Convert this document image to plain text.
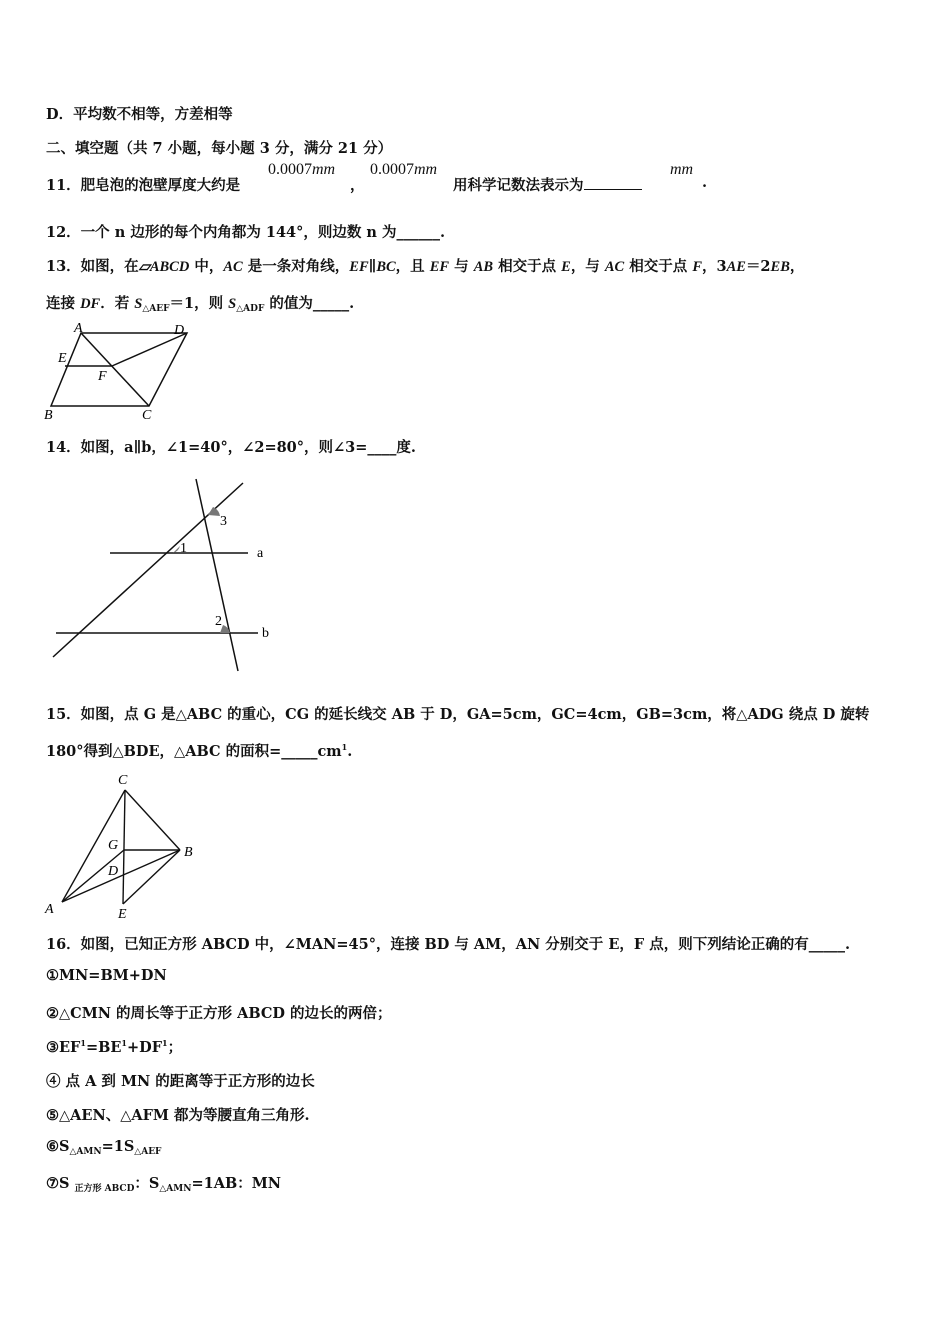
D．平均数不相等，方差相等
二、填空题（共 7 小题，每小题 3 分，满分 21 分）
11．肥皂泡的泡壁厚度大约是
0.0007mm
，
0.0007mm
用科学记数法表示为
mm
.
12．一个 n 边形的每个内角都为 144°，则边数 n 为______.
13．如图，在▱ABCD 中，AC 是一条对角线，EF∥BC，且 EF 与 AB 相交于点 E，与 AC 相交于点 F，3AE＝2EB，
连接 DF．若 $S_{\triangle AEF}=1$，则 $S_{\triangle ADF}$ 的值为_____.
A	D
E
F
B	C
14．如图，a∥b，∠1=40°，∠2=80°，则∠3=____度.
1
2
3
a
b
15．如图，点 G 是△ABC 的重心，CG 的延长线交 AB 于 D，GA=5cm，GC=4cm，GB=3cm，将△ADG 绕点 D 旋转
180°得到△BDE，△ABC 的面积$=\_\_\_\_\_cm^1$.
C
G	B
D
A	E
16．如图，已知正方形 ABCD 中，∠MAN=45°，连接 BD 与 AM，AN 分别交于 E，F 点，则下列结论正确的有_____.
①MN=BM+DN
②△CMN 的周长等于正方形 ABCD 的边长的两倍；
$③EF^1=BE^1+DF^1$；
④ 点 A 到 MN 的距离等于正方形的边长
⑤△AEN、△AFM 都为等腰直角三角形.
$⑥S_{\triangle AMN}=1S_{\triangle AEF}$
⑦S $_{正方形 ABCD}$：$S_{\triangle AMN}=1AB$：MN
